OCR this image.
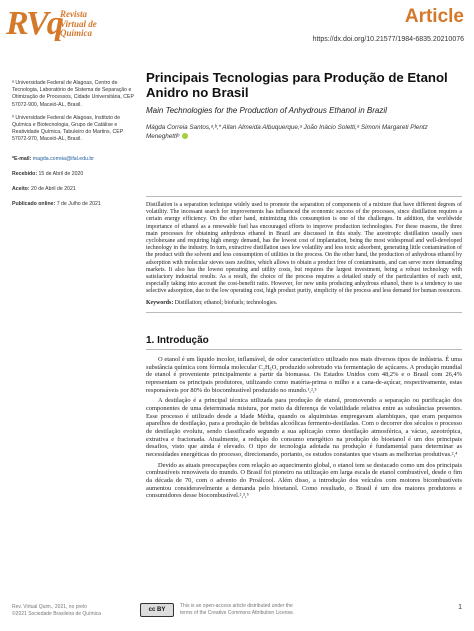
RVq
Revista
Virtual de
Química
Article
https://dx.doi.org/10.21577/1984-6835.20210076

ᵃ Universidade Federal de Alagoas, Centro de Tecnologia, Laboratório de Sistema de Separação e Otimização de Processos, Cidade Universitária, CEP 57072-900, Maceió-AL, Brasil.

ᵇ Universidade Federal de Alagoas, Instituto de Química e Biotecnologia, Grupo de Catálise e Reatividade Química, Tabuleiro do Martins, CEP 57072-970, Maceió-AL, Brasil.

*E-mail: magda.correia@ifal.edu.br
Recebido: 15 de Abril de 2020
Aceito: 20 de Abril de 2021
Publicado online: 7 de Julho de 2021
Principais Tecnologias para Produção de Etanol Anidro no Brasil
Main Technologies for the Production of Anhydrous Ethanol in Brazil
Mágda Correia Santos,ᵃ,ᵇ,* Allan Almeida Albuquerque,ᵃ João Inácio Soletti,ᵃ Simoni Margareti Plentz Meneghettiᵇ
Distillation is a separation technique widely used to promote the separation of components of a mixture that have different degrees of volatility. The incessant search for improvements has influenced the economic success of the processes, since distillation requires a certain energy efficiency. On the other hand, minimizing this consumption is one of the challenges. In addition, the worldwide importance of ethanol as a renewable fuel has encouraged efforts to improve production technologies. For these reasons, the three main processes for obtaining anhydrous ethanol in Brazil are discussed in this study. The azeotropic distillation usually uses cyclohexane and requiring high energy demand, has the lowest cost of implantation, being the most widespread and well-developed technology in the industry. In turn, extractive distillation uses low volatility and less toxic adsorbent, generating little contamination of the product with the solvent and less consumption of utilities in the process. On the other hand, the production of anhydrous ethanol by adsorption with molecular sieves uses zeolites, which allows to obtain a product free of contaminants, and can serve more demanding markets. It also has the lowest operating and utility costs, but requires the largest investment, being a robust technology with satisfactory industrial results. As a result, the choice of the process requires a detailed study of the particularities of each unit, especially taking into account the cost-benefit ratio. However, for new units producing anhydrous ethanol, there is a tendency to use selective adsorption, due to the low operating cost, high product purity, simplicity of the process and less demand for human resources.
Keywords: Distillation; ethanol; biofuels; technologies.
1. Introdução

O etanol é um líquido incolor, inflamável, de odor característico utilizado nos mais diversos tipos de indústria. É uma substância química com fórmula molecular C₂H₆O, produzido sobretudo via fermentação de açúcares. A produção mundial de etanol é proveniente principalmente a partir da biomassa. Os Estados Unidos com 48,2% e o Brasil com 26,4% representam os principais produtores, utilizando como matéria-prima o milho e a cana-de-açúcar, respectivamente, estas responsáveis por 80% do biocombustível produzido no mundo.¹,²,³

A destilação é a principal técnica utilizada para produção de etanol, promovendo a separação ou purificação dos componentes de uma determinada mistura, por meio da diferença de volatilidade relativa entre as substâncias presentes. Esse processo é utilizado desde a Idade Média, quando os alquimistas empregavam alambiques, que eram pequenos aparelhos de destilação, para a produção de bebidas alcoólicas fermento-destiladas. Com o decorrer dos séculos o processo de destilação evoluiu, sendo classificado segundo a sua aplicação como destilação atmosférica, a vácuo, azeotrópica, extrativa e fracionada. Atualmente, a redução do consumo energético na produção do bioetanol é um dos principais desafios, visto que ainda é elevado. O tipo de tecnologia adotada na produção é fundamental para determinar as necessidades energéticas do processo, direcionando, portanto, os estudos constantes que visam as melhorias produtivas.²,⁴

Devido as atuais preocupações com relação ao aquecimento global, o etanol tem se destacado como um dos principais combustíveis renováveis do mundo. O Brasil foi pioneiro na utilização em larga escala de etanol combustível, desde o fim da década de 70, com o advento do Proálcool. Além disso, a introdução dos veículos com motores bicombustíveis aumentou consideravelmente a demanda pelo bioetanol. Como resultado, o Brasil é um dos maiores produtores e consumidores desse biocombustível.²,³,⁵

Rev. Virtual Quim., 2021, no prelo
©2021 Sociedade Brasileira de Química
cc BY
This is an open-access article distributed under the
terms of the Creative Commons Attribution License.
1
